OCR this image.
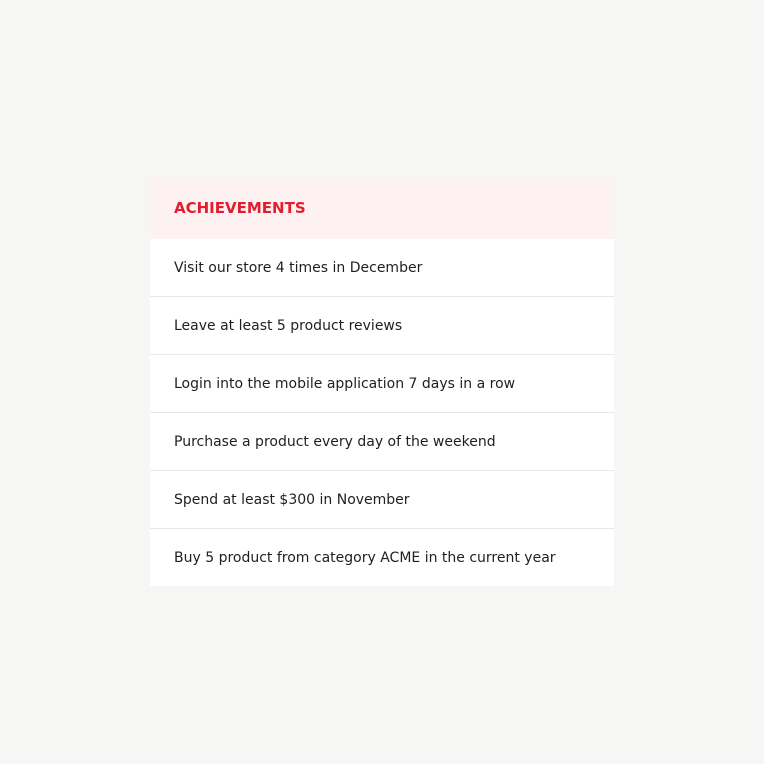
ACHIEVEMENTS
Visit our store 4 times in December
Leave at least 5 product reviews
Login into the mobile application 7 days in a row
Purchase a product every day of the weekend
Spend at least $300 in November
Buy 5 product from category ACME in the current year
